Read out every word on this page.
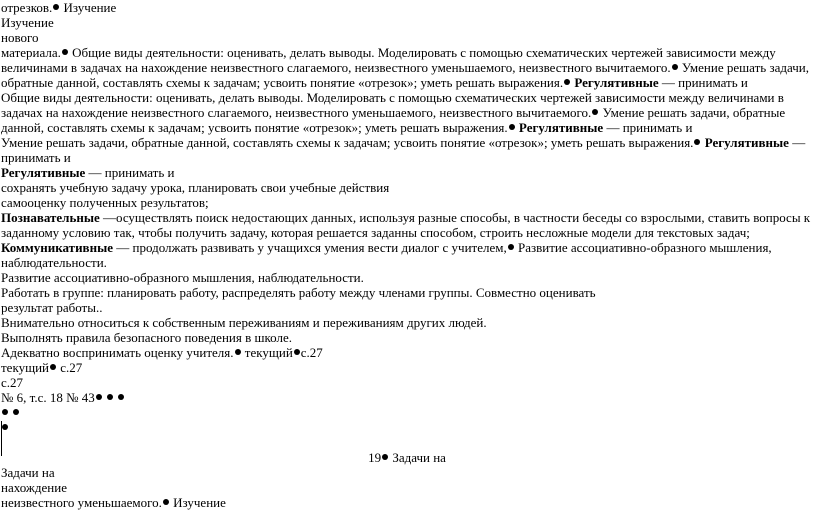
отрезков. Изучение
Изучение
нового
материала. Общие виды деятельности: оценивать, делать выводы. Моделировать с помощью схематических чертежей зависимости между величинами в задачах на нахождение неизвестного слагаемого, неизвестного уменьшаемого, неизвестного вычитаемого. Умение решать задачи, обратные данной, составлять схемы к задачам; усвоить понятие «отрезок»; уметь решать выражения. Регулятивные — принимать и
Общие виды деятельности: оценивать, делать выводы. Моделировать с помощью схематических чертежей зависимости между величинами в задачах на нахождение неизвестного слагаемого, неизвестного уменьшаемого, неизвестного вычитаемого. Умение решать задачи, обратные данной, составлять схемы к задачам; усвоить понятие «отрезок»; уметь решать выражения. Регулятивные — принимать и
Умение решать задачи, обратные данной, составлять схемы к задачам; усвоить понятие «отрезок»; уметь решать выражения. Регулятивные — принимать и
Регулятивные — принимать и
сохранять учебную задачу урока, планировать свои учебные действия
самооценку полученных результатов;
Познавательные —осуществлять поиск недостающих данных, используя разные способы, в частности беседы со взрослыми, ставить вопросы к заданному условию так, чтобы получить задачу, которая решается заданны способом, строить несложные модели для текстовых задач;
Коммуникативные — продолжать развивать у учащихся умения вести диалог с учителем, Развитие ассоциативно-образного мышления, наблюдательности.
Развитие ассоциативно-образного мышления, наблюдательности.
Работать в группе: планировать работу, распределять работу между членами группы. Совместно оценивать
результат работы..
Внимательно относиться к собственным переживаниям и переживаниям других людей.
Выполнять правила безопасного поведения в школе.
Адекватно воспринимать оценку учителя. текущий с.27
текущий с.27
с.27
№ 6, т.с. 18 № 43

19 Задачи на
Задачи на
нахождение
неизвестного уменьшаемого. Изучение
